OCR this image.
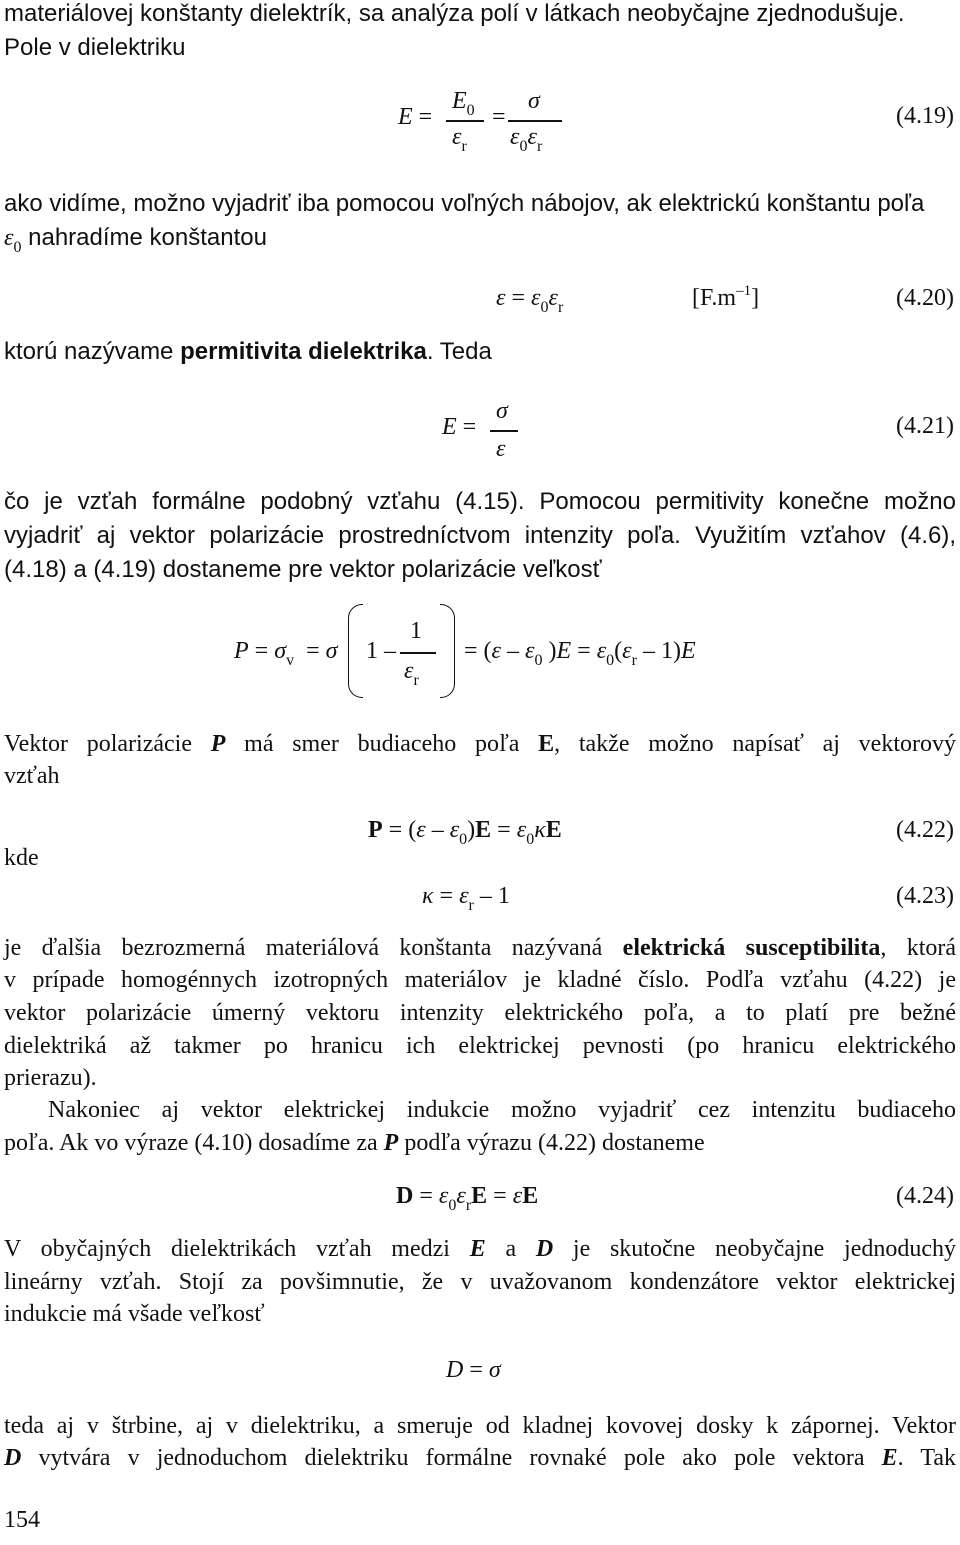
materiálovej konštanty dielektrík, sa analýza polí v látkach neobyčajne zjednodušuje.
Pole v dielektriku
E =
$E_0$
$\varepsilon_r$
=
σ
$\varepsilon_0\varepsilon_r$
(4.19)
ako vidíme, možno vyjadriť iba pomocou voľných nábojov, ak elektrickú konštantu poľa
$\varepsilon_0$ nahradíme konštantou
$\varepsilon = \varepsilon_0\varepsilon_r$	$[F.m^{-1}]$	(4.20)
ktorú nazývame permitivita dielektrika. Teda
E =
σ
ε
(4.21)
čo je vzťah formálne podobný vzťahu (4.15). Pomocou permitivity konečne možno
vyjadriť aj vektor polarizácie prostredníctvom intenzity poľa. Využitím vzťahov (4.6),
(4.18) a (4.19) dostaneme pre vektor polarizácie veľkosť
$P = \sigma_v = \sigma$ 1 –
1
$\varepsilon_r$
= ($\varepsilon - \varepsilon_0$ )$E = \varepsilon_0(\varepsilon_r - 1)E$
Vektor polarizácie P má smer budiaceho poľa E, takže možno napísať aj vektorový
vzťah
$P = (\varepsilon - \varepsilon_0)E = \varepsilon_0\kappa E$	(4.22)
kde
$\kappa = \varepsilon_r - 1$	(4.23)
je ďalšia bezrozmerná materiálová konštanta nazývaná elektrická susceptibilita, ktorá
v prípade homogénnych izotropných materiálov je kladné číslo. Podľa vzťahu (4.22) je
vektor polarizácie úmerný vektoru intenzity elektrického poľa, a to platí pre bežné
dielektriká až takmer po hranicu ich elektrickej pevnosti (po hranicu elektrického
prierazu).
Nakoniec aj vektor elektrickej indukcie možno vyjadriť cez intenzitu budiaceho
poľa. Ak vo výraze (4.10) dosadíme za P podľa výrazu (4.22) dostaneme
$D = \varepsilon_0\varepsilon_rE = \varepsilon E$	(4.24)
V obyčajných dielektrikách vzťah medzi E a D je skutočne neobyčajne jednoduchý
lineárny vzťah. Stojí za povšimnutie, že v uvažovanom kondenzátore vektor elektrickej
indukcie má všade veľkosť
D = σ
teda aj v štrbine, aj v dielektriku, a smeruje od kladnej kovovej dosky k zápornej. Vektor
D vytvára v jednoduchom dielektriku formálne rovnaké pole ako pole vektora E. Tak
154
